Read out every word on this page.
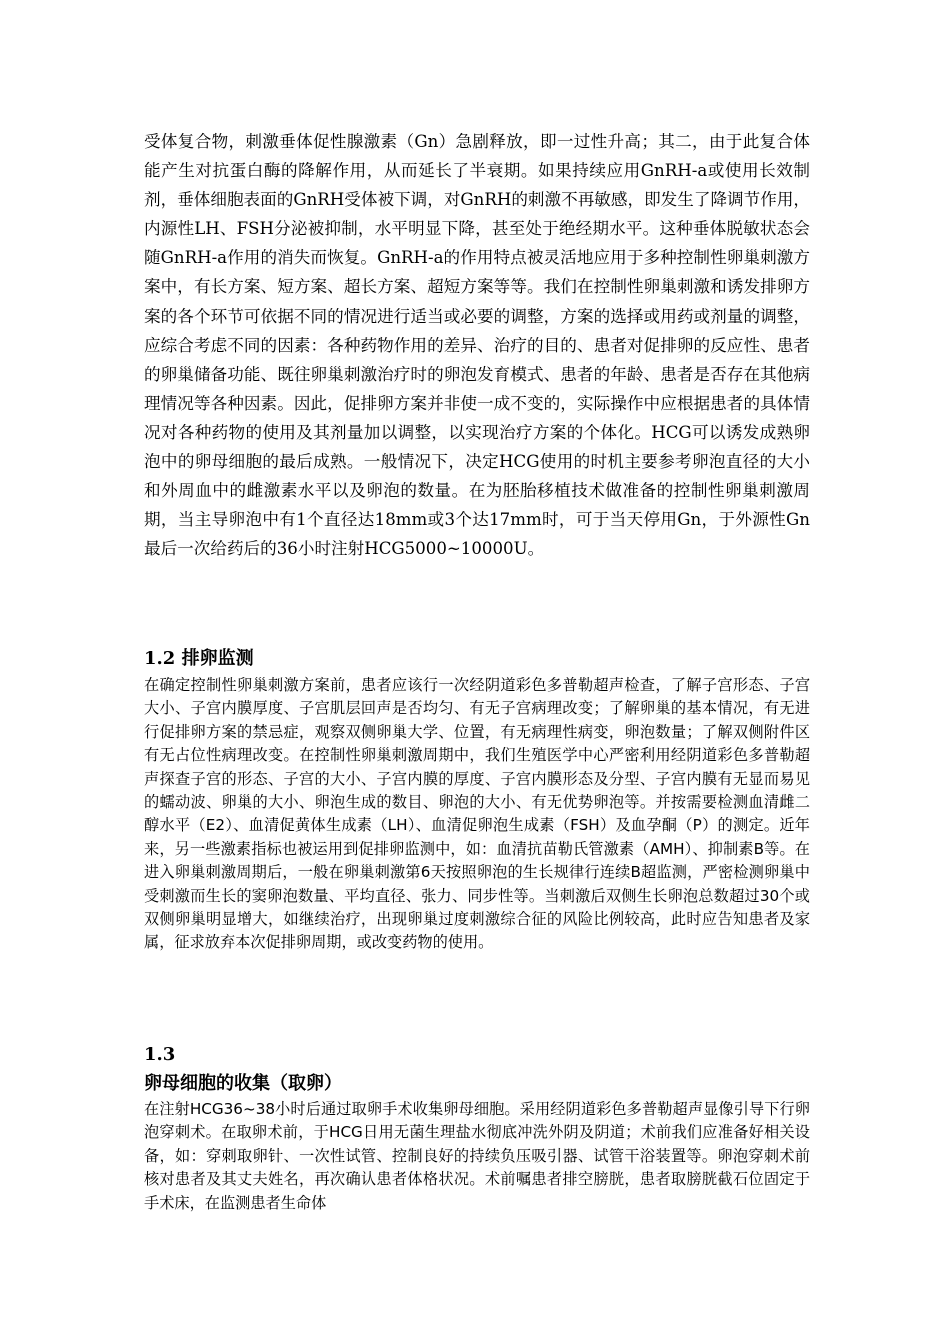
受体复合物，刺激垂体促性腺激素（Gn）急剧释放，即一过性升高；其二，由于此复合体能产生对抗蛋白酶的降解作用，从而延长了半衰期。如果持续应用GnRH-a或使用长效制剂，垂体细胞表面的GnRH受体被下调，对GnRH的刺激不再敏感，即发生了降调节作用，内源性LH、FSH分泌被抑制，水平明显下降，甚至处于绝经期水平。这种垂体脱敏状态会随GnRH-a作用的消失而恢复。GnRH-a的作用特点被灵活地应用于多种控制性卵巢刺激方案中，有长方案、短方案、超长方案、超短方案等等。我们在控制性卵巢刺激和诱发排卵方案的各个环节可依据不同的情况进行适当或必要的调整，方案的选择或用药或剂量的调整，应综合考虑不同的因素：各种药物作用的差异、治疗的目的、患者对促排卵的反应性、患者的卵巢储备功能、既往卵巢刺激治疗时的卵泡发育模式、患者的年龄、患者是否存在其他病理情况等各种因素。因此，促排卵方案并非使一成不变的，实际操作中应根据患者的具体情况对各种药物的使用及其剂量加以调整，以实现治疗方案的个体化。HCG可以诱发成熟卵泡中的卵母细胞的最后成熟。一般情况下，决定HCG使用的时机主要参考卵泡直径的大小和外周血中的雌激素水平以及卵泡的数量。在为胚胎移植技术做准备的控制性卵巢刺激周期，当主导卵泡中有1个直径达18mm或3个达17mm时，可于当天停用Gn，于外源性Gn最后一次给药后的36小时注射HCG5000~10000U。

1.2 排卵监测

在确定控制性卵巢刺激方案前，患者应该行一次经阴道彩色多普勒超声检查，了解子宫形态、子宫大小、子宫内膜厚度、子宫肌层回声是否均匀、有无子宫病理改变；了解卵巢的基本情况，有无进行促排卵方案的禁忌症，观察双侧卵巢大学、位置，有无病理性病变，卵泡数量；了解双侧附件区有无占位性病理改变。在控制性卵巢刺激周期中，我们生殖医学中心严密利用经阴道彩色多普勒超声探查子宫的形态、子宫的大小、子宫内膜的厚度、子宫内膜形态及分型、子宫内膜有无显而易见的蠕动波、卵巢的大小、卵泡生成的数目、卵泡的大小、有无优势卵泡等。并按需要检测血清雌二醇水平（E2）、血清促黄体生成素（LH）、血清促卵泡生成素（FSH）及血孕酮（P）的测定。近年来，另一些激素指标也被运用到促排卵监测中，如：血清抗苗勒氏管激素（AMH）、抑制素B等。在进入卵巢刺激周期后，一般在卵巢刺激第6天按照卵泡的生长规律行连续B超监测，严密检测卵巢中受刺激而生长的窦卵泡数量、平均直径、张力、同步性等。当刺激后双侧生长卵泡总数超过30个或双侧卵巢明显增大，如继续治疗，出现卵巢过度刺激综合征的风险比例较高，此时应告知患者及家属，征求放弃本次促排卵周期，或改变药物的使用。

1.3
卵母细胞的收集（取卵）

在注射HCG36~38小时后通过取卵手术收集卵母细胞。采用经阴道彩色多普勒超声显像引导下行卵泡穿刺术。在取卵术前，于HCG日用无菌生理盐水彻底冲洗外阴及阴道；术前我们应准备好相关设备，如：穿刺取卵针、一次性试管、控制良好的持续负压吸引器、试管干浴装置等。卵泡穿刺术前核对患者及其丈夫姓名，再次确认患者体格状况。术前嘱患者排空膀胱，患者取膀胱截石位固定于手术床，在监测患者生命体
